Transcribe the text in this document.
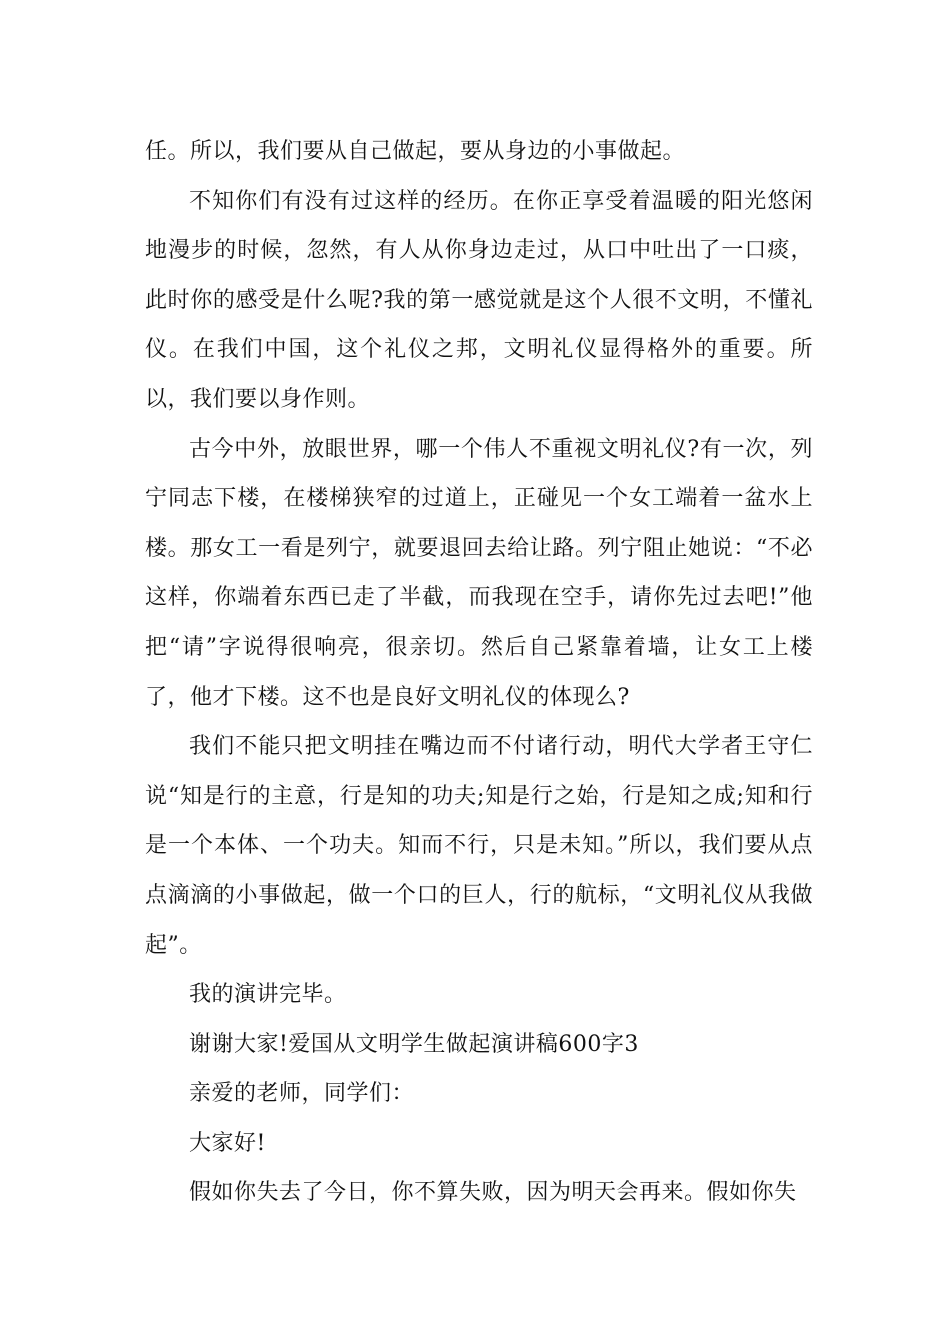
任。所以，我们要从自己做起，要从身边的小事做起。

不知你们有没有过这样的经历。在你正享受着温暖的阳光悠闲地漫步的时候，忽然，有人从你身边走过，从口中吐出了一口痰，此时你的感受是什么呢?我的第一感觉就是这个人很不文明，不懂礼仪。在我们中国，这个礼仪之邦，文明礼仪显得格外的重要。所以，我们要以身作则。

古今中外，放眼世界，哪一个伟人不重视文明礼仪?有一次，列宁同志下楼，在楼梯狭窄的过道上，正碰见一个女工端着一盆水上楼。那女工一看是列宁，就要退回去给让路。列宁阻止她说：“不必这样，你端着东西已走了半截，而我现在空手，请你先过去吧!”他把“请”字说得很响亮，很亲切。然后自己紧靠着墙，让女工上楼了，他才下楼。这不也是良好文明礼仪的体现么?

我们不能只把文明挂在嘴边而不付诸行动，明代大学者王守仁说“知是行的主意，行是知的功夫;知是行之始，行是知之成;知和行是一个本体、一个功夫。知而不行，只是未知。”所以，我们要从点点滴滴的小事做起，做一个口的巨人，行的航标，“文明礼仪从我做起”。

我的演讲完毕。

谢谢大家!爱国从文明学生做起演讲稿600字3

亲爱的老师，同学们：

大家好!

假如你失去了今日，你不算失败，因为明天会再来。假如你失
